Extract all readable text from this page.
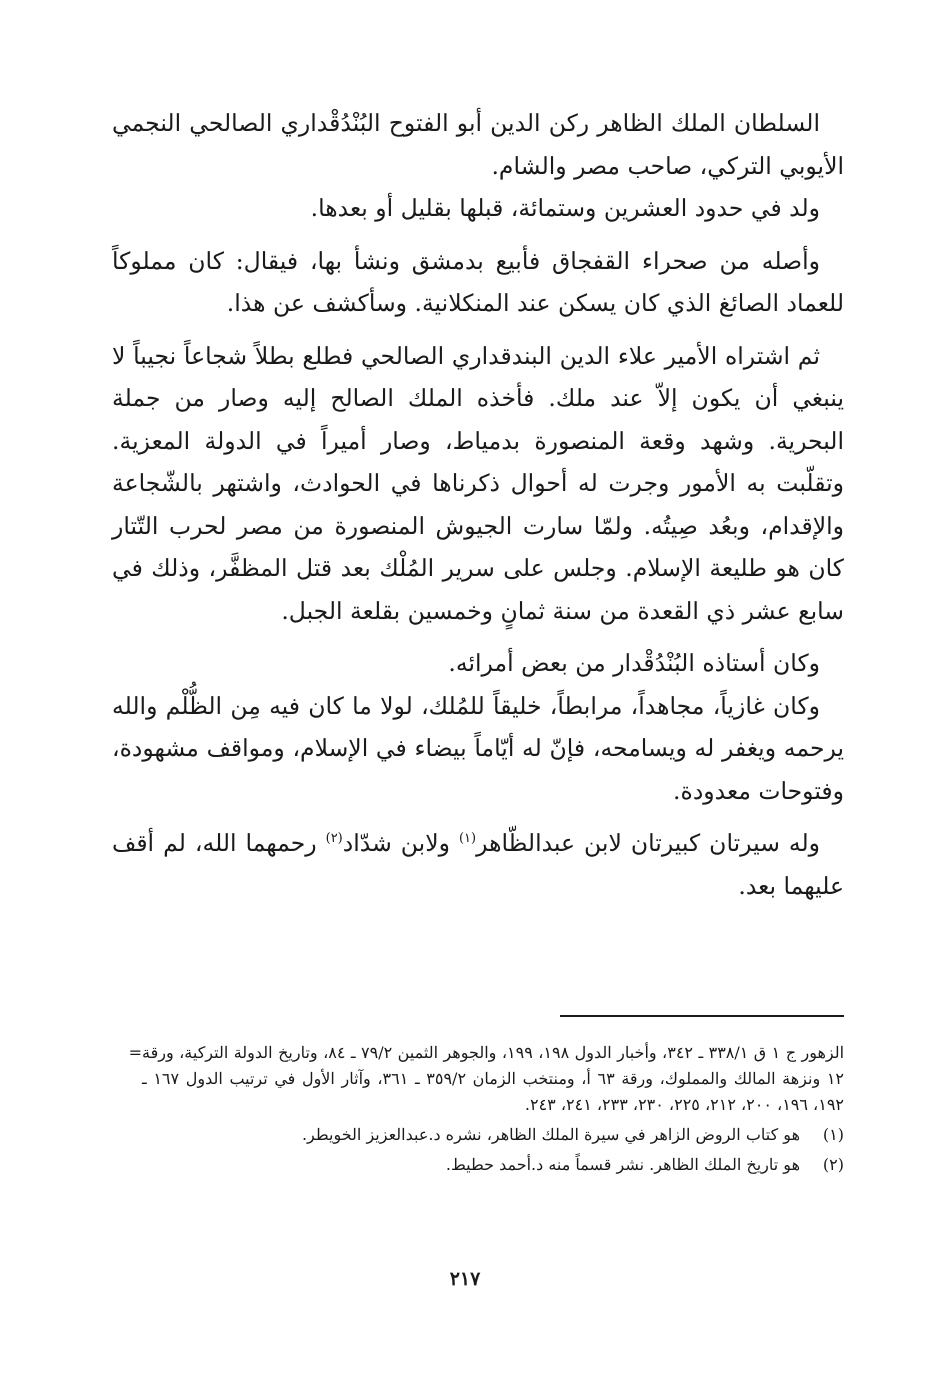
السلطان الملك الظاهر ركن الدين أبو الفتوح البُنْدُقْداري الصالحي النجمي الأيوبي التركي، صاحب مصر والشام.

ولد في حدود العشرين وستمائة، قبلها بقليل أو بعدها.

وأصله من صحراء القفجاق فأبيع بدمشق ونشأ بها، فيقال: كان مملوكاً للعماد الصائغ الذي كان يسكن عند المنكلانية. وسأكشف عن هذا.

ثم اشتراه الأمير علاء الدين البندقداري الصالحي فطلع بطلاً شجاعاً نجيباً لا ينبغي أن يكون إلاّ عند ملك. فأخذه الملك الصالح إليه وصار من جملة البحرية. وشهد وقعة المنصورة بدمياط، وصار أميراً في الدولة المعزية. وتقلّبت به الأمور وجرت له أحوال ذكرناها في الحوادث، واشتهر بالشّجاعة والإقدام، وبعُد صِيتُه. ولمّا سارت الجيوش المنصورة من مصر لحرب التّتار كان هو طليعة الإسلام. وجلس على سرير المُلْك بعد قتل المظفَّر، وذلك في سابع عشر ذي القعدة من سنة ثمانٍ وخمسين بقلعة الجبل.

وكان أستاذه البُنْدُقْدار من بعض أمرائه.

وكان غازياً، مجاهداً، مرابطاً، خليقاً للمُلك، لولا ما كان فيه مِن الظُّلْم والله يرحمه ويغفر له ويسامحه، فإنّ له أيّاماً بيضاء في الإسلام، ومواقف مشهودة، وفتوحات معدودة.

وله سيرتان كبيرتان لابن عبدالظّاهر$^{(١)}$ ولابن شدّاد$^{(٢)}$ رحمهما الله، لم أقف عليهما بعد.

الزهور ج ١ ق ٣٣٨/١ ـ ٣٤٢، وأخبار الدول ١٩٨، ١٩٩، والجوهر الثمين ٧٩/٢ ـ ٨٤، وتاريخ الدولة التركية، ورقة ١٢ ونزهة المالك والمملوك، ورقة ٦٣ أ، ومنتخب الزمان ٣٥٩/٢ ـ ٣٦١، وآثار الأول في ترتيب الدول ١٦٧ ـ ١٩٢، ١٩٦، ٢٠٠، ٢١٢، ٢٢٥، ٢٣٠، ٢٣٣، ٢٤١، ٢٤٣.
=
(١)
هو كتاب الروض الزاهر في سيرة الملك الظاهر، نشره د.عبدالعزيز الخويطر.
(٢)
هو تاريخ الملك الظاهر. نشر قسماً منه د.أحمد حطيط.
٢١٧
